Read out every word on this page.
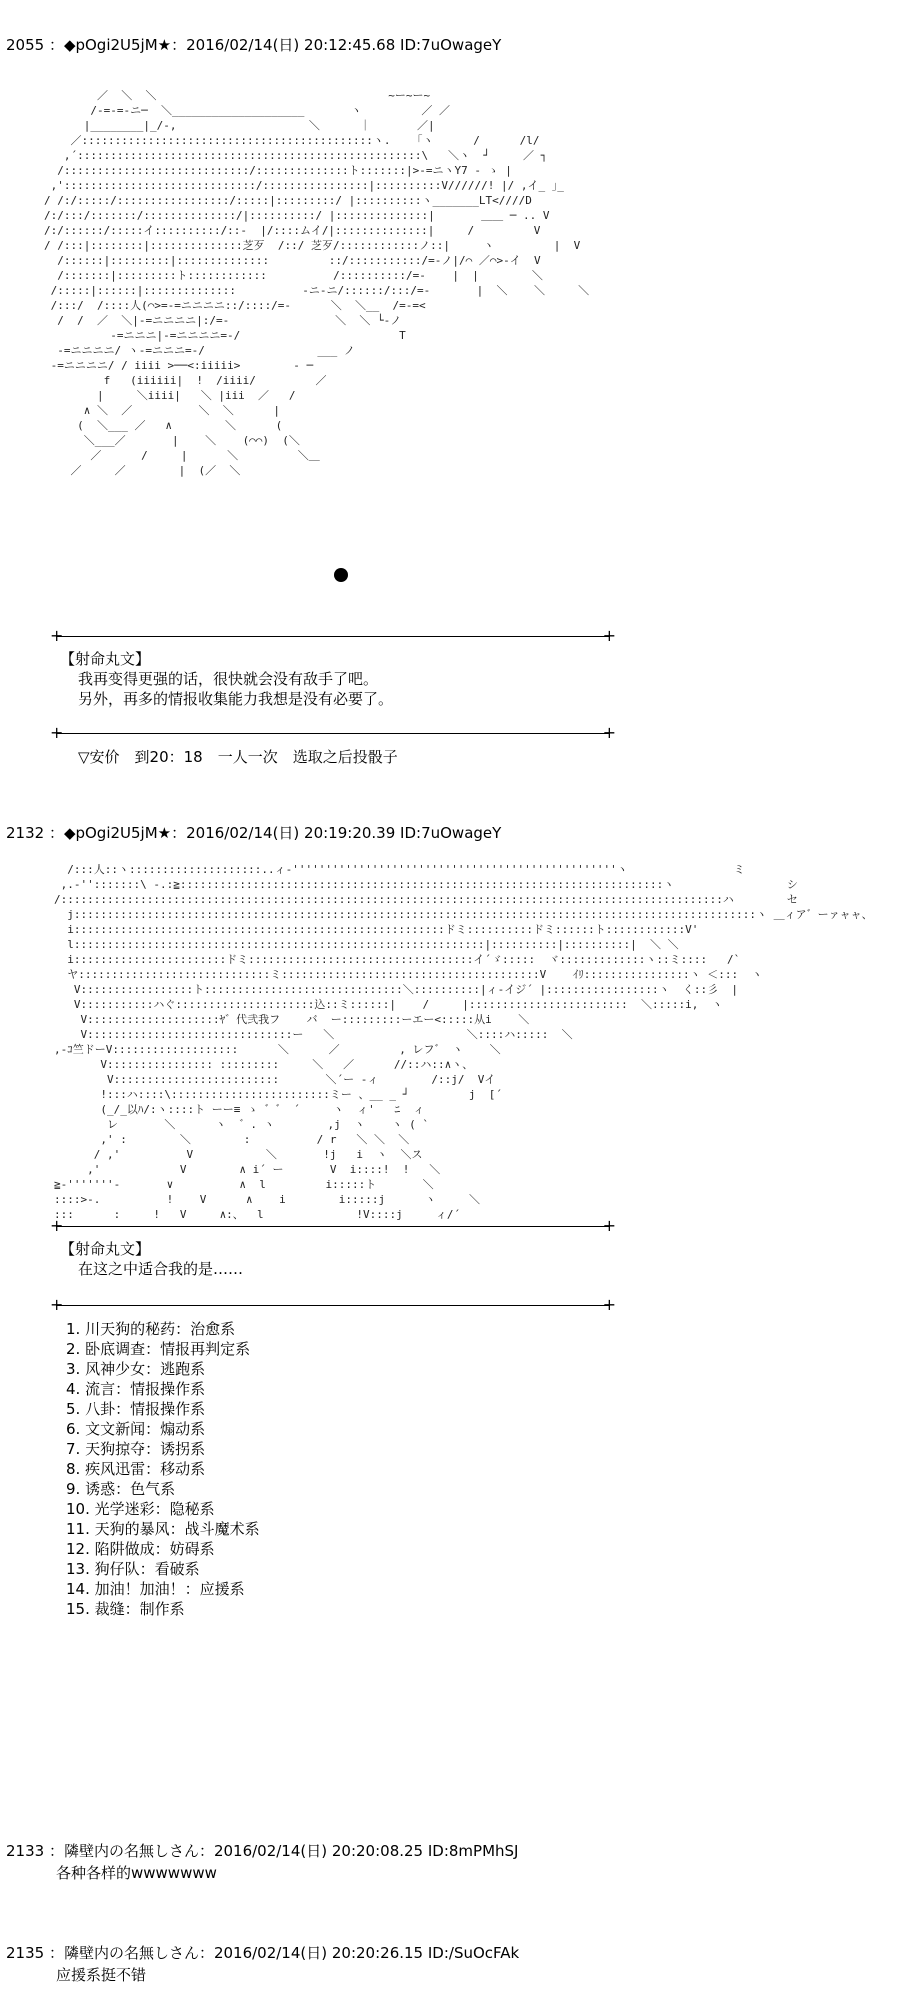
2055 ：◆pOgi2U5jM★：2016/02/14(日) 20:12:45.68 ID:7uOwageY
／  ＼  ＼                                   ~ー~ー~
/-=-=-ニ─  ＼____________________       ヽ         ／ ／
|________|_/-,                    ＼      ｜       ／|
／::::::::::::::::::::::::::::::::::::::::::::ヽ.    ｢ヽ      /      /l/
,´::::::::::::::::::::::::::::::::::::::::::::::::::::\   ＼ヽ  ┘     ／ ┐
/::::::::::::::::::::::::::::/::::::::::::::ト:::::::|>-=ニヽY7 ‐ ゝ |
,':::::::::::::::::::::::::::::/::::::::::::::::|::::::::::V//////! |/ ,イ_ ｣_
/ /:/:::::/:::::::::::::::::/:::::|:::::::::/ |::::::::::ヽ_______LT<////D
/:/:::/:::::::/::::::::::::::/|::::::::::/ |::::::::::::::|       ＿＿ ─ .. V
/:/::::::/:::::イ::::::::::/::-  |/::::ムイ/|::::::::::::::|     /         V
/ /:::|::::::::|::::::::::::::芝歹  /::/ 芝歹/::::::::::::ノ::|     ヽ         |  V
/::::::|:::::::::|::::::::::::::         ::/:::::::::::/=-ノ|/⌒ ／⌒>-イ  V
/:::::::|:::::::::ト::::::::::::          /::::::::::/=-    |  |        ＼
/:::::|::::::|::::::::::::::          -ニ-ニ/::::::/:::/=-       |  ＼    ＼     ＼
/:::/  /::::人(⌒>=-=ニニニニ::/::::/=-      ＼  ＼__  /=-=<
/  /  ／  ＼|-=ニニニニ|:/=-                ＼  ＼ └-ノ
-=ニニニ|-=ニニニニ=-/                        T
-=ニニニニ/ ヽ-=ニニニ=-/                 ___ ノ
-=ニニニニ/ / iiii >──<:iiiii>        ‐ ─
f   (iiiiii|  !  /iiii/         ／
|     ＼iiii|   ＼ |iii  ／   /
∧ ＼  ／          ＼  ＼      |
(  ＼___ ／   ∧        ＼      (
＼___／       |    ＼    (⌒⌒)  (＼
／      /     |      ＼         ＼＿
／     ／        |  (／  ＼
+ +
【射命丸文】
我再变得更强的话，很快就会没有敌手了吧。
另外，再多的情报收集能力我想是没有必要了。
+ +
▽安价　到20：18　一人一次　选取之后投骰子
2132 ：◆pOgi2U5jM★：2016/02/14(日) 20:19:20.39 ID:7uOwageY
/:::人::ヽ::::::::::::::::::::..ィ-'''''''''''''''''''''''''''''''''''''''''''''''''ヽ                ミ
,.-'':::::::\ -.:≧:::::::::::::::::::::::::::::::::::::::::::::::::::::::::::::::::::::::::ヽ                 シ
/::::::::::::::::::::::::::::::::::::::::::::::::::::::::::::::::::::::::::::::::::::::::::::::::::::ハ        セ
j:::::::::::::::::::::::::::::::::::::::::::::::::::::::::::::::::::::::::::::::::::::::::::::::::::::::ヽ ＿ィア゛ーァャャ、
i::::::::::::::::::::::::::::::::::::::::::::::::::::::::ドミ::::::::::ドミ::::::ト::::::::::::V'
l::::::::::::::::::::::::::::::::::::::::::::::::::::::::::::::|::::::::::|::::::::::|  ＼ ＼
i:::::::::::::::::::::::ドミ::::::::::::::::::::::::::::::::::イ´ゞ:::::  ヾ:::::::::::::ヽ::ミ::::   /`
ヤ:::::::::::::::::::::::::::::ミ:::::::::::::::::::::::::::::::::::::::V    ｲﾘ::::::::::::::::ヽ ＜:::  ヽ
V:::::::::::::::::ト::::::::::::::::::::::::::::::＼::::::::::|ィ-イジ´ |:::::::::::::::::ヽ  く::彡  |
V:::::::::::ハぐ:::::::::::::::::::::込::ミ::::::|    /     |::::::::::::::::::::::::  ＼:::::i,  ヽ
V::::::::::::::::::::ﾔ゛代弐我フ    バ  ー:::::::::ーエー<:::::从i    ＼
V:::::::::::::::::::::::::::::::ー   ＼                    ＼::::ハ:::::  ＼
,-ｺ竺ドーV:::::::::::::::::::      ＼      ／         , レフ゛ ヽ    ＼
V:::::::::::::::: :::::::::     ＼   ／      //::ハ::∧ヽ、
V:::::::::::::::::::::::::       ＼´ー -ィ        /::j/  Vイ
!:::ハ::::\::::::::::::::::::::::::ミー 、__ _ ┘         j  [´
(_/_以ﾊ/:ヽ::::ト ーー≡ ゝ ゛゛ ´     ヽ  ィ'   ﾆ  ィ
レ       ＼      ヽ  ゛. ヽ        ,j  ヽ    ヽ ( `
,' :        ＼        :          / r   ＼ ＼  ＼
/ ,'          V           ＼       !j   i  ヽ  ＼ス
,'            V        ∧ i´ ー       V  i::::!  !   ＼
≧-'''''''-       ∨          ∧  l         i:::::ト       ＼
::::>-.          !    V      ∧    i        i:::::j      ヽ     ＼
:::      :     !   V     ∧:、  l              !V::::j     ィ/´
+ +
【射命丸文】
在这之中适合我的是……
+ +
1. 川天狗的秘药：治愈系
2. 卧底调查：情报再判定系
3. 风神少女：逃跑系
4. 流言：情报操作系
5. 八卦：情报操作系
6. 文文新闻：煽动系
7. 天狗掠夺：诱拐系
8. 疾风迅雷：移动系
9. 诱惑：色气系
10. 光学迷彩：隐秘系
11. 天狗的暴风：战斗魔术系
12. 陷阱做成：妨碍系
13. 狗仔队：看破系
14. 加油！加油！：应援系
15. 裁缝：制作系
2133 ：隣壁内の名無しさん：2016/02/14(日) 20:20:08.25 ID:8mPMhSJ
各种各样的wwwwwww
2135 ：隣壁内の名無しさん：2016/02/14(日) 20:20:26.15 ID:/SuOcFAk
应援系挺不错
